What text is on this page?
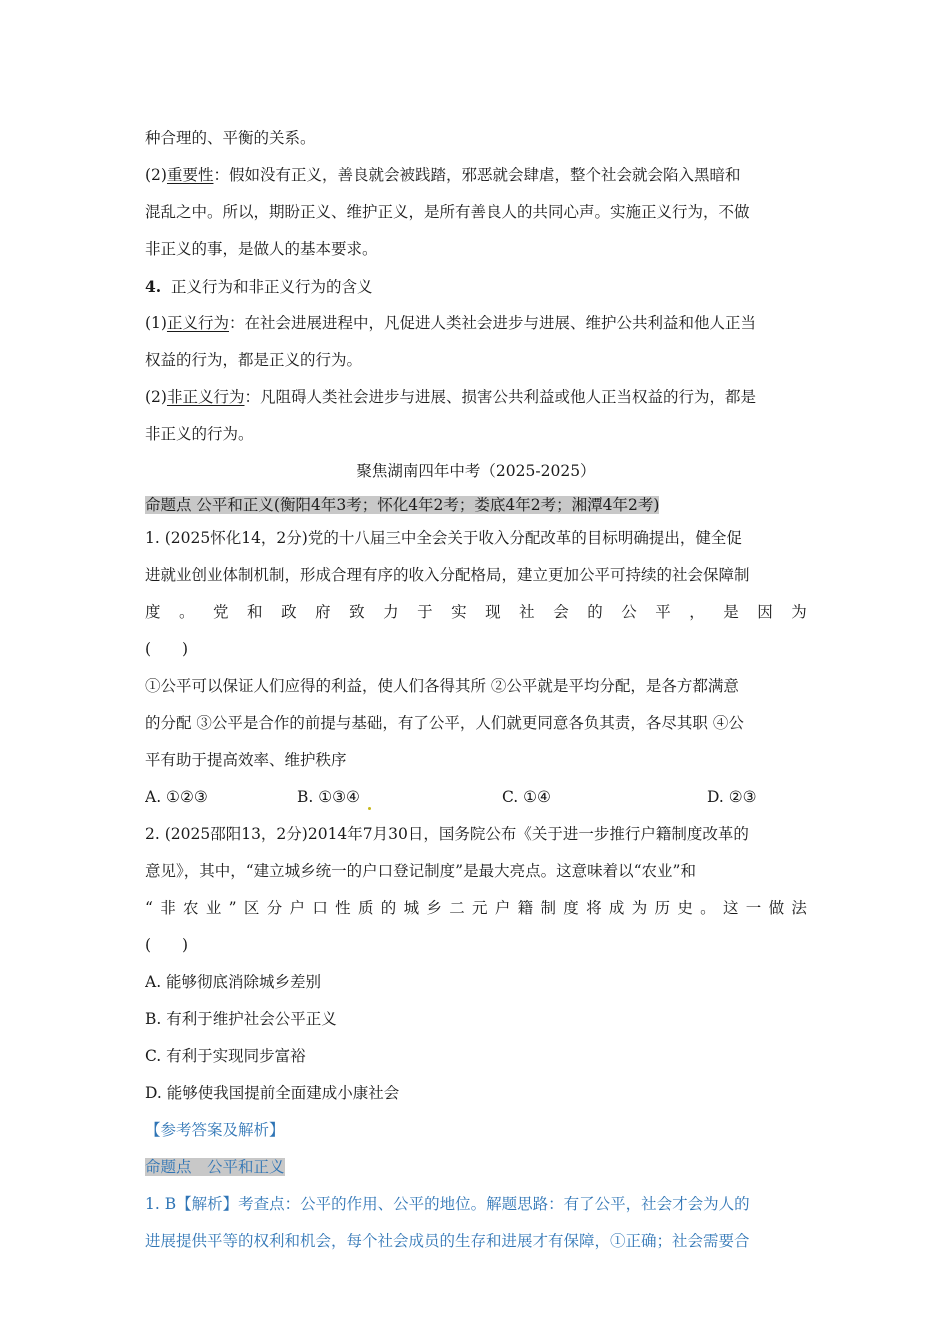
种合理的、平衡的关系。
(2)重要性：假如没有正义，善良就会被践踏，邪恶就会肆虐，整个社会就会陷入黑暗和
混乱之中。所以，期盼正义、维护正义，是所有善良人的共同心声。实施正义行为，不做
非正义的事，是做人的基本要求。
4. 正义行为和非正义行为的含义
(1)正义行为：在社会进展进程中，凡促进人类社会进步与进展、维护公共利益和他人正当
权益的行为，都是正义的行为。
(2)非正义行为：凡阻碍人类社会进步与进展、损害公共利益或他人正当权益的行为，都是
非正义的行为。
聚焦湖南四年中考（2025-2025）
命题点 公平和正义(衡阳4年3考；怀化4年2考；娄底4年2考；湘潭4年2考)
1. (2025怀化14，2分)党的十八届三中全会关于收入分配改革的目标明确提出，健全促
进就业创业体制机制，形成合理有序的收入分配格局，建立更加公平可持续的社会保障制
度 。 党 和 政 府 致 力 于 实 现 社 会 的 公 平 ， 是 因 为
(　　)
①公平可以保证人们应得的利益，使人们各得其所 ②公平就是平均分配，是各方都满意
的分配 ③公平是合作的前提与基础，有了公平，人们就更同意各负其责，各尽其职 ④公
平有助于提高效率、维护秩序
A. ①②③	B. ①③④	C. ①④	D. ②③
2. (2025邵阳13，2分)2014年7月30日，国务院公布《关于进一步推行户籍制度改革的
意见》，其中，“建立城乡统一的户口登记制度”是最大亮点。这意味着以“农业”和
“ 非 农 业 ” 区 分 户 口 性 质 的 城 乡 二 元 户 籍 制 度 将 成 为 历 史 。 这 一 做 法
(　　)
A. 能够彻底消除城乡差别
B. 有利于维护社会公平正义
C. 有利于实现同步富裕
D. 能够使我国提前全面建成小康社会
【参考答案及解析】
命题点　公平和正义
1. B【解析】考查点：公平的作用、公平的地位。解题思路：有了公平，社会才会为人的
进展提供平等的权利和机会，每个社会成员的生存和进展才有保障，①正确；社会需要合
